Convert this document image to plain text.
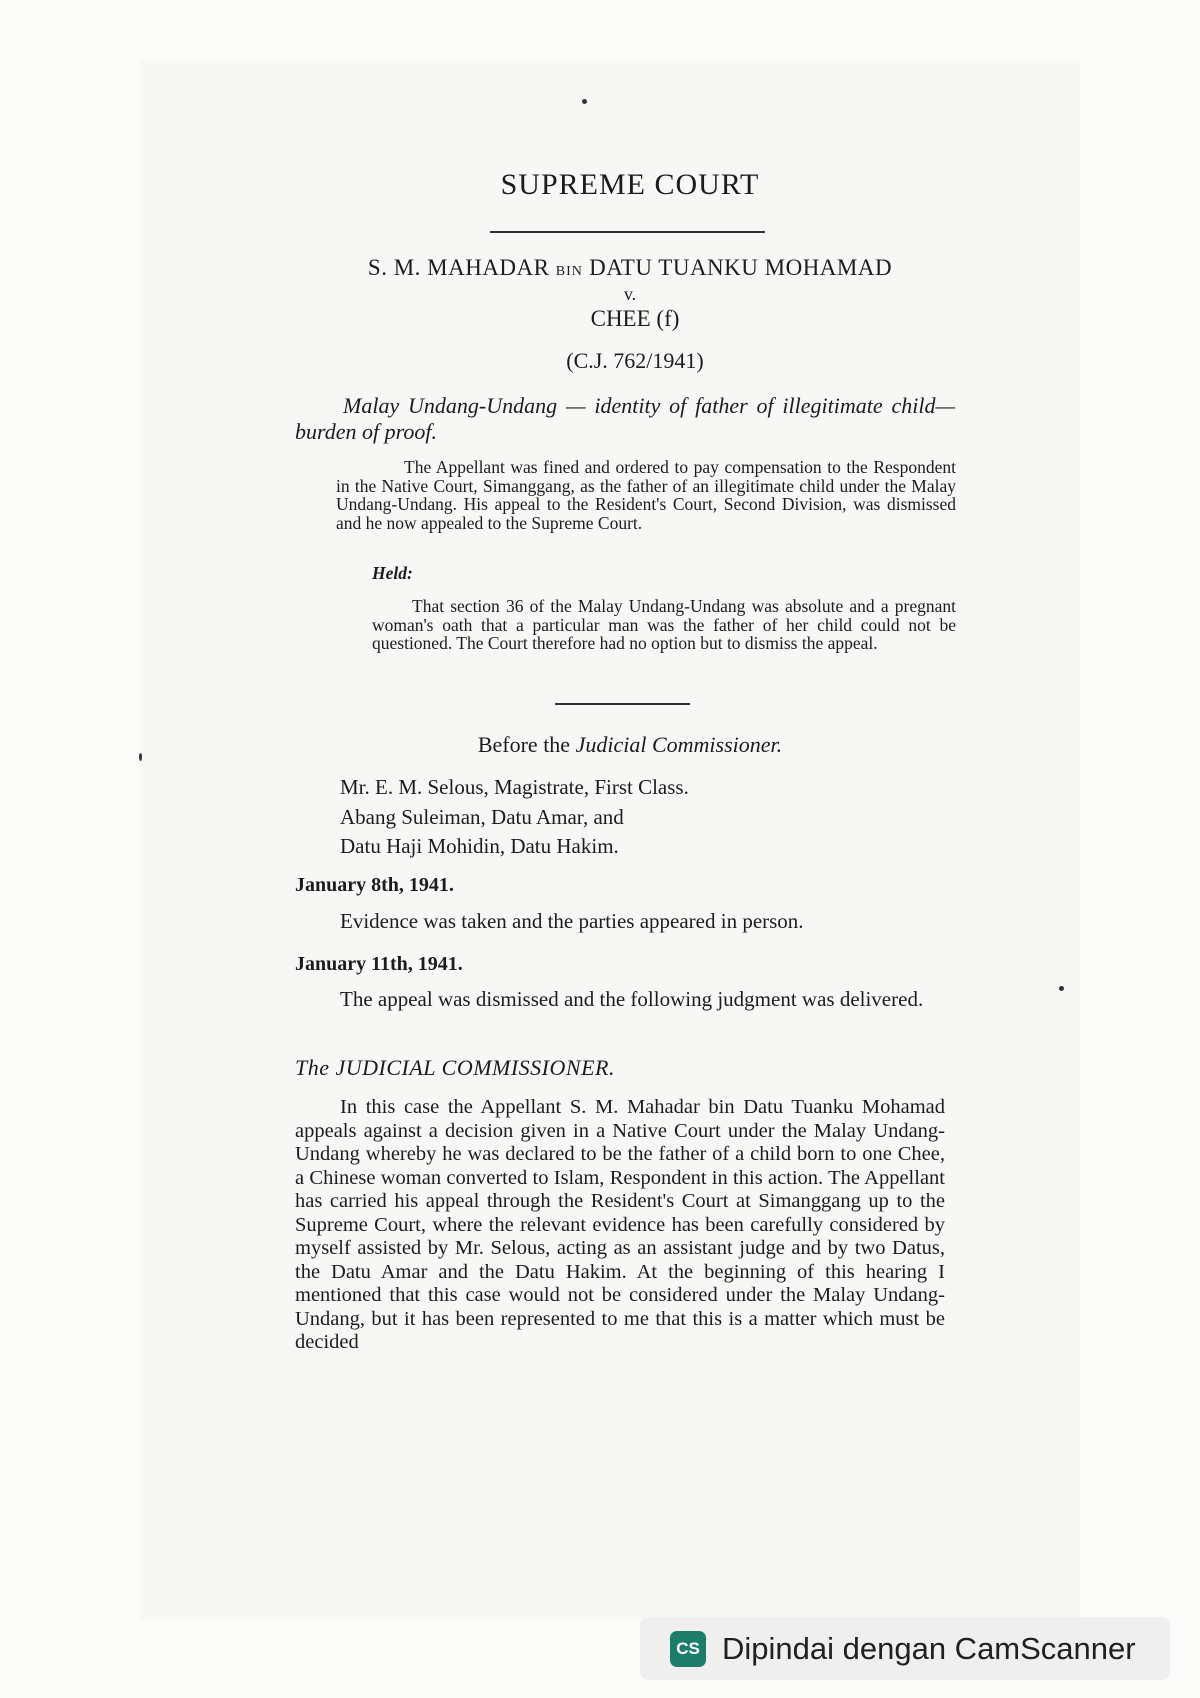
SUPREME COURT
S. M. MAHADAR BIN DATU TUANKU MOHAMAD
v.
CHEE (f)
(C.J. 762/1941)

Malay Undang-Undang — identity of father of illegitimate child—burden of proof.

The Appellant was fined and ordered to pay compensation to the Respondent in the Native Court, Simanggang, as the father of an illegitimate child under the Malay Undang-Undang. His appeal to the Resident's Court, Second Division, was dismissed and he now appealed to the Supreme Court.

Held:

That section 36 of the Malay Undang-Undang was absolute and a pregnant woman's oath that a particular man was the father of her child could not be questioned. The Court therefore had no option but to dismiss the appeal.

Before the Judicial Commissioner.
Mr. E. M. Selous, Magistrate, First Class.
Abang Suleiman, Datu Amar, and
Datu Haji Mohidin, Datu Hakim.
January 8th, 1941.

Evidence was taken and the parties appeared in person.

January 11th, 1941.

The appeal was dismissed and the following judgment was delivered.

The JUDICIAL COMMISSIONER.

In this case the Appellant S. M. Mahadar bin Datu Tuanku Mohamad appeals against a decision given in a Native Court under the Malay Undang-Undang whereby he was declared to be the father of a child born to one Chee, a Chinese woman converted to Islam, Respondent in this action. The Appellant has carried his appeal through the Resident's Court at Simanggang up to the Supreme Court, where the relevant evidence has been carefully considered by myself assisted by Mr. Selous, acting as an assistant judge and by two Datus, the Datu Amar and the Datu Hakim. At the beginning of this hearing I mentioned that this case would not be considered under the Malay Undang-Undang, but it has been represented to me that this is a matter which must be decided

CS Dipindai dengan CamScanner
